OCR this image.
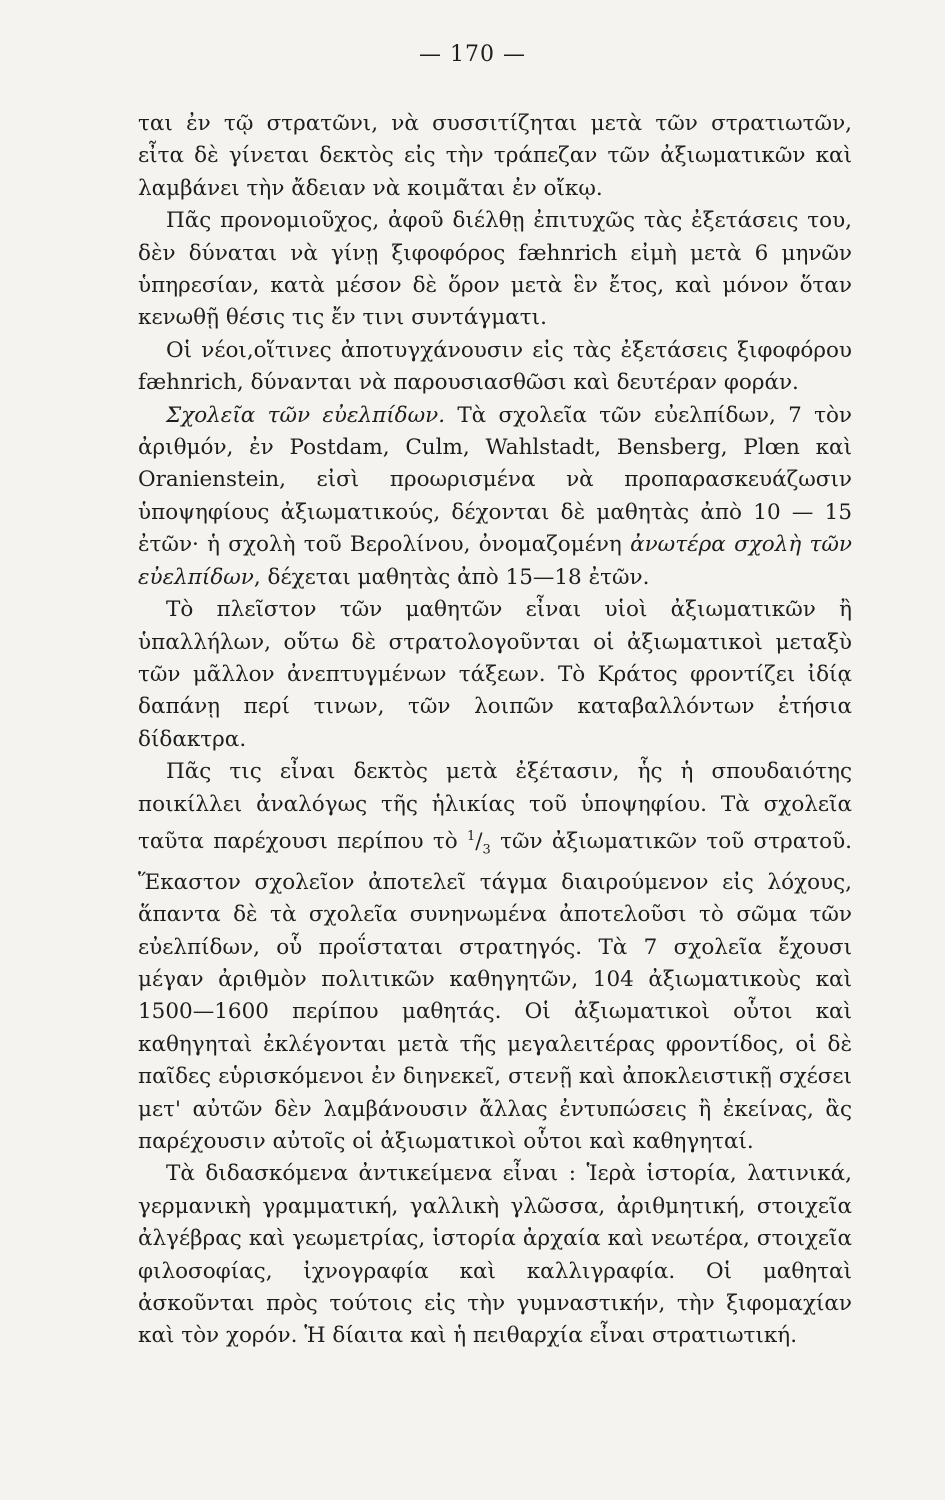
— 170 —

ται ἐν τῷ στρατῶνι, νὰ συσσιτίζηται μετὰ τῶν στρατιωτῶν, εἶτα δὲ γίνεται δεκτὸς εἰς τὴν τράπεζαν τῶν ἀξιωματικῶν καὶ λαμβάνει τὴν ἄδειαν νὰ κοιμᾶται ἐν οἴκῳ.

Πᾶς προνομιοῦχος, ἀφοῦ διέλθῃ ἐπιτυχῶς τὰς ἐξετάσεις του, δὲν δύναται νὰ γίνῃ ξιφοφόρος fæhnrich εἰμὴ μετὰ 6 μηνῶν ὑπηρεσίαν, κατὰ μέσον δὲ ὅρον μετὰ ἓν ἔτος, καὶ μόνον ὅταν κενωθῇ θέσις τις ἔν τινι συντάγματι.

Οἱ νέοι,οἵτινες ἀποτυγχάνουσιν εἰς τὰς ἐξετάσεις ξιφοφόρου fæhnrich, δύνανται νὰ παρουσιασθῶσι καὶ δευτέραν φοράν.

Σχολεῖα τῶν εὐελπίδων. Τὰ σχολεῖα τῶν εὐελπίδων, 7 τὸν ἀριθμόν, ἐν Postdam, Culm, Wahlstadt, Bensberg, Plœn καὶ Oranienstein, εἰσὶ προωρισμένα νὰ προπαρασκευάζωσιν ὑποψηφίους ἀξιωματικούς, δέχονται δὲ μαθητὰς ἀπὸ 10 — 15 ἐτῶν· ἡ σχολὴ τοῦ Βερολίνου, ὀνομαζομένη ἀνωτέρα σχολὴ τῶν εὐελπίδων, δέχεται μαθητὰς ἀπὸ 15—18 ἐτῶν.

Τὸ πλεῖστον τῶν μαθητῶν εἶναι υἱοὶ ἀξιωματικῶν ἢ ὑπαλλήλων, οὕτω δὲ στρατολογοῦνται οἱ ἀξιωματικοὶ μεταξὺ τῶν μᾶλλον ἀνεπτυγμένων τάξεων. Τὸ Κράτος φροντίζει ἰδίᾳ δαπάνῃ περί τινων, τῶν λοιπῶν καταβαλλόντων ἐτήσια δίδακτρα.

Πᾶς τις εἶναι δεκτὸς μετὰ ἐξέτασιν, ἧς ἡ σπουδαιότης ποικίλλει ἀναλόγως τῆς ἡλικίας τοῦ ὑποψηφίου. Τὰ σχολεῖα ταῦτα παρέχουσι περίπου τὸ $^1/_3$ τῶν ἀξιωματικῶν τοῦ στρατοῦ. Ἕκαστον σχολεῖον ἀποτελεῖ τάγμα διαιρούμενον εἰς λόχους, ἅπαντα δὲ τὰ σχολεῖα συνηνωμένα ἀποτελοῦσι τὸ σῶμα τῶν εὐελπίδων, οὗ προΐσταται στρατηγός. Τὰ 7 σχολεῖα ἔχουσι μέγαν ἀριθμὸν πολιτικῶν καθηγητῶν, 104 ἀξιωματικοὺς καὶ 1500—1600 περίπου μαθητάς. Οἱ ἀξιωματικοὶ οὗτοι καὶ καθηγηταὶ ἐκλέγονται μετὰ τῆς μεγαλειτέρας φροντίδος, οἱ δὲ παῖδες εὑρισκόμενοι ἐν διηνεκεῖ, στενῇ καὶ ἀποκλειστικῇ σχέσει μετ' αὐτῶν δὲν λαμβάνουσιν ἄλλας ἐντυπώσεις ἢ ἐκείνας, ἃς παρέχουσιν αὐτοῖς οἱ ἀξιωματικοὶ οὗτοι καὶ καθηγηταί.

Τὰ διδασκόμενα ἀντικείμενα εἶναι : Ἱερὰ ἱστορία, λατινικά, γερμανικὴ γραμματική, γαλλικὴ γλῶσσα, ἀριθμητική, στοιχεῖα ἀλγέβρας καὶ γεωμετρίας, ἱστορία ἀρχαία καὶ νεωτέρα, στοιχεῖα φιλοσοφίας, ἰχνογραφία καὶ καλλιγραφία. Οἱ μαθηταὶ ἀσκοῦνται πρὸς τούτοις εἰς τὴν γυμναστικήν, τὴν ξιφομαχίαν καὶ τὸν χορόν. Ἡ δίαιτα καὶ ἡ πειθαρχία εἶναι στρατιωτική.
